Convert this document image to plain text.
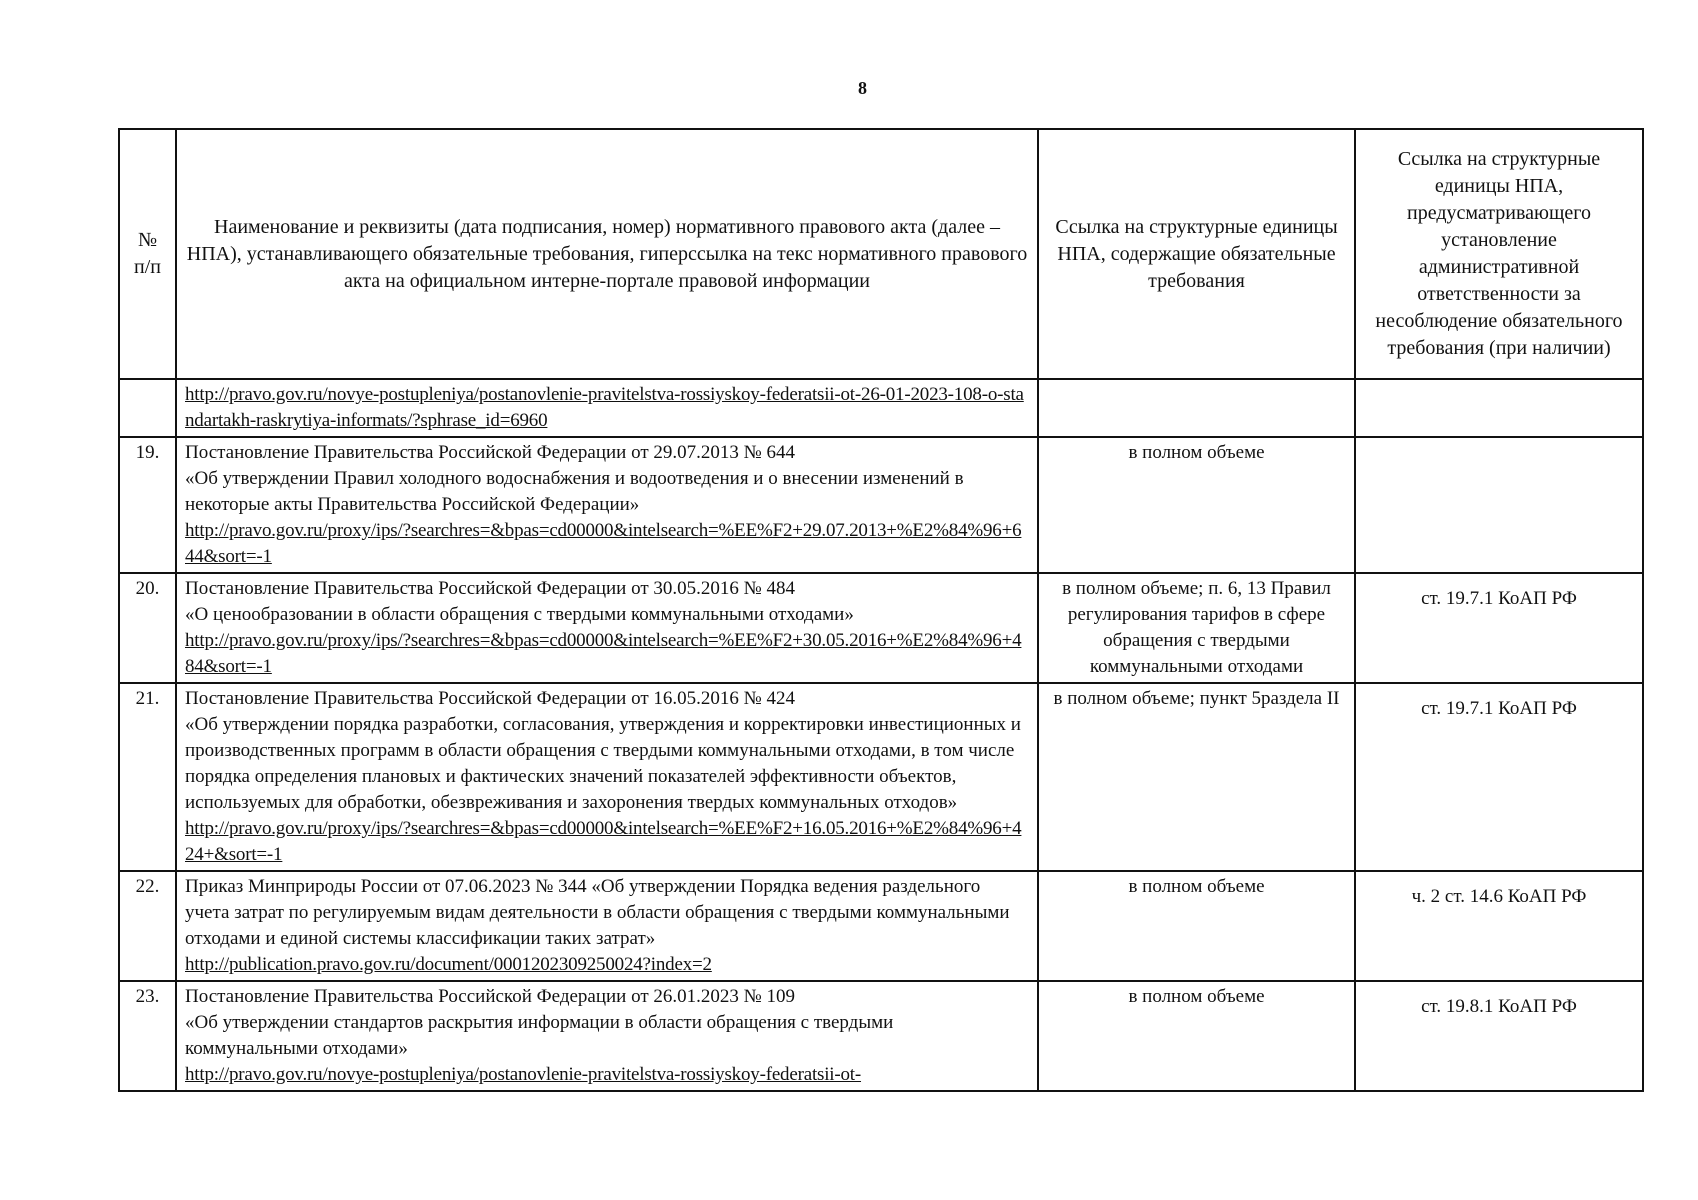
8
№ п/п	Наименование и реквизиты (дата подписания, номер) нормативного правового акта (далее – НПА), устанавливающего обязательные требования, гиперссылка на текс нормативного правового акта на официальном интерне-портале правовой информации	Ссылка на структурные единицы НПА, содержащие обязательные требования	Ссылка на структурные единицы НПА, предусматривающего установление административной ответственности за несоблюдение обязательного требования (при наличии)

	http://pravo.gov.ru/novye-postupleniya/postanovlenie-pravitelstva-rossiyskoy-federatsii-ot-26-01-2023-108-o-standartakh-raskrytiya-informats/?sphrase_id=6960		

19.	Постановление Правительства Российской Федерации от 29.07.2013 № 644
«Об утверждении Правил холодного водоснабжения и водоотведения и о внесении изменений в некоторые акты Правительства Российской Федерации»
http://pravo.gov.ru/proxy/ips/?searchres=&bpas=cd00000&intelsearch=%EE%F2+29.07.2013+%E2%84%96+644&sort=-1	в полном объеме	
20.	Постановление Правительства Российской Федерации от 30.05.2016 № 484
«О ценообразовании в области обращения с твердыми коммунальными отходами»
http://pravo.gov.ru/proxy/ips/?searchres=&bpas=cd00000&intelsearch=%EE%F2+30.05.2016+%E2%84%96+484&sort=-1	в полном объеме; п. 6, 13 Правил регулирования тарифов в сфере обращения с твердыми коммунальными отходами	ст. 19.7.1 КоАП РФ
21.	Постановление Правительства Российской Федерации от 16.05.2016 № 424
«Об утверждении порядка разработки, согласования, утверждения и корректировки инвестиционных и производственных программ в области обращения с твердыми коммунальными отходами, в том числе порядка определения плановых и фактических значений показателей эффективности объектов, используемых для обработки, обезвреживания и захоронения твердых коммунальных отходов»
http://pravo.gov.ru/proxy/ips/?searchres=&bpas=cd00000&intelsearch=%EE%F2+16.05.2016+%E2%84%96+424+&sort=-1	в полном объеме; пункт 5раздела II	ст. 19.7.1 КоАП РФ
22.	Приказ Минприроды России от 07.06.2023 № 344 «Об утверждении Порядка ведения раздельного учета затрат по регулируемым видам деятельности в области обращения с твердыми коммунальными отходами и единой системы классификации таких затрат»
http://publication.pravo.gov.ru/document/0001202309250024?index=2	в полном объеме	ч. 2 ст. 14.6 КоАП РФ
23.	Постановление Правительства Российской Федерации от 26.01.2023 № 109
«Об утверждении стандартов раскрытия информации в области обращения с твердыми коммунальными отходами»
http://pravo.gov.ru/novye-postupleniya/postanovlenie-pravitelstva-rossiyskoy-federatsii-ot-	в полном объеме	ст. 19.8.1 КоАП РФ
